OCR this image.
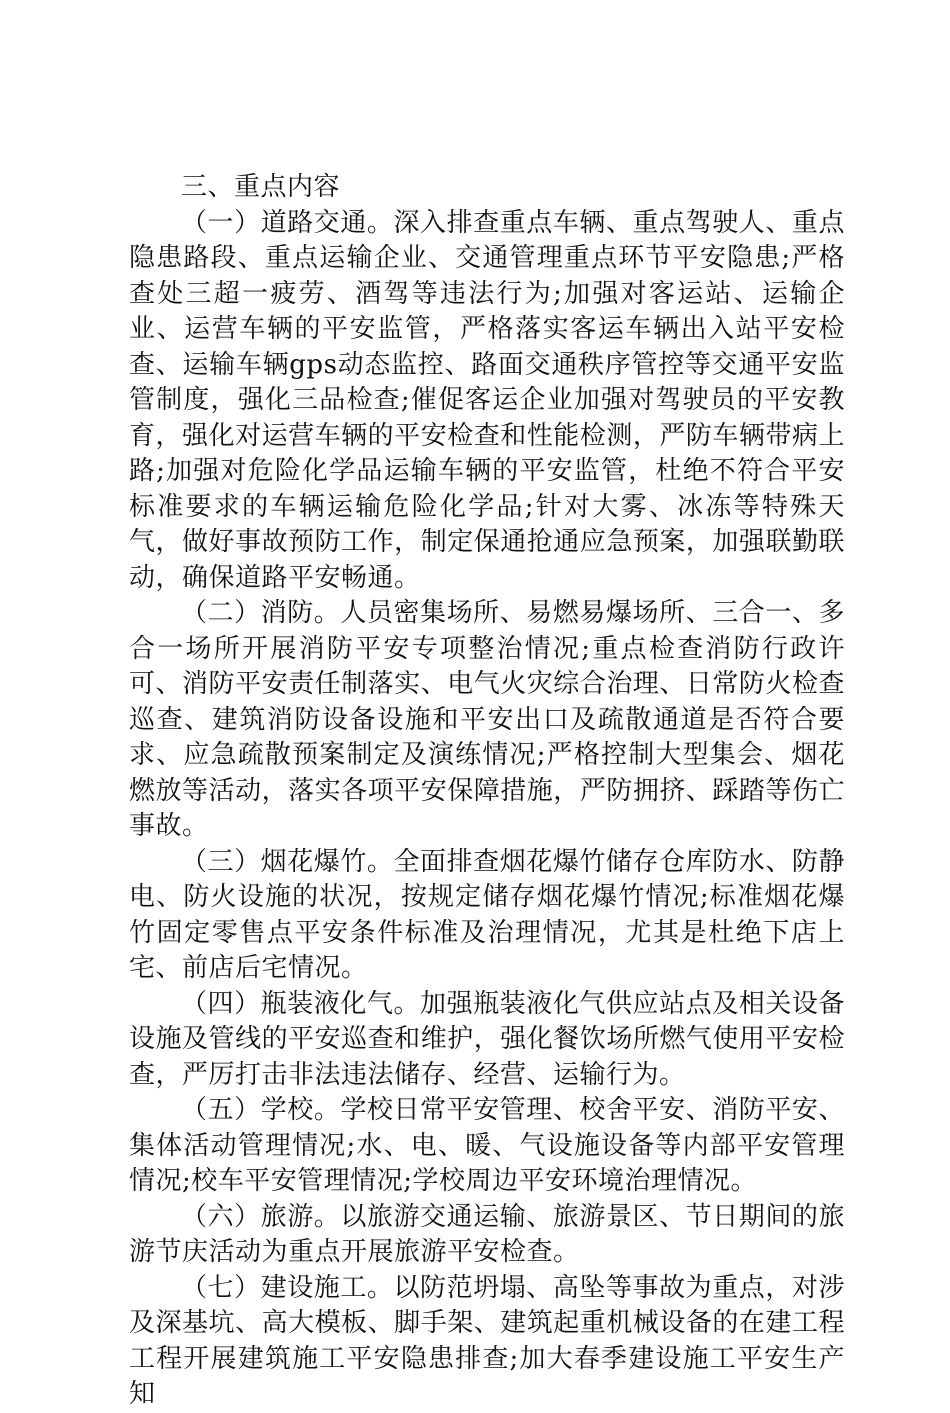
三、重点内容

（一）道路交通。深入排查重点车辆、重点驾驶人、重点隐患路段、重点运输企业、交通管理重点环节平安隐患;严格查处三超一疲劳、酒驾等违法行为;加强对客运站、运输企业、运营车辆的平安监管，严格落实客运车辆出入站平安检查、运输车辆gps动态监控、路面交通秩序管控等交通平安监管制度，强化三品检查;催促客运企业加强对驾驶员的平安教育，强化对运营车辆的平安检查和性能检测，严防车辆带病上路;加强对危险化学品运输车辆的平安监管，杜绝不符合平安标准要求的车辆运输危险化学品;针对大雾、冰冻等特殊天气，做好事故预防工作，制定保通抢通应急预案，加强联勤联动，确保道路平安畅通。

（二）消防。人员密集场所、易燃易爆场所、三合一、多合一场所开展消防平安专项整治情况;重点检查消防行政许可、消防平安责任制落实、电气火灾综合治理、日常防火检查巡查、建筑消防设备设施和平安出口及疏散通道是否符合要求、应急疏散预案制定及演练情况;严格控制大型集会、烟花燃放等活动，落实各项平安保障措施，严防拥挤、踩踏等伤亡事故。

（三）烟花爆竹。全面排查烟花爆竹储存仓库防水、防静电、防火设施的状况，按规定储存烟花爆竹情况;标准烟花爆竹固定零售点平安条件标准及治理情况，尤其是杜绝下店上宅、前店后宅情况。

（四）瓶装液化气。加强瓶装液化气供应站点及相关设备设施及管线的平安巡查和维护，强化餐饮场所燃气使用平安检查，严厉打击非法违法储存、经营、运输行为。

（五）学校。学校日常平安管理、校舍平安、消防平安、集体活动管理情况;水、电、暖、气设施设备等内部平安管理情况;校车平安管理情况;学校周边平安环境治理情况。

（六）旅游。以旅游交通运输、旅游景区、节日期间的旅游节庆活动为重点开展旅游平安检查。

（七）建设施工。以防范坍塌、高坠等事故为重点，对涉及深基坑、高大模板、脚手架、建筑起重机械设备的在建工程工程开展建筑施工平安隐患排查;加大春季建设施工平安生产知
